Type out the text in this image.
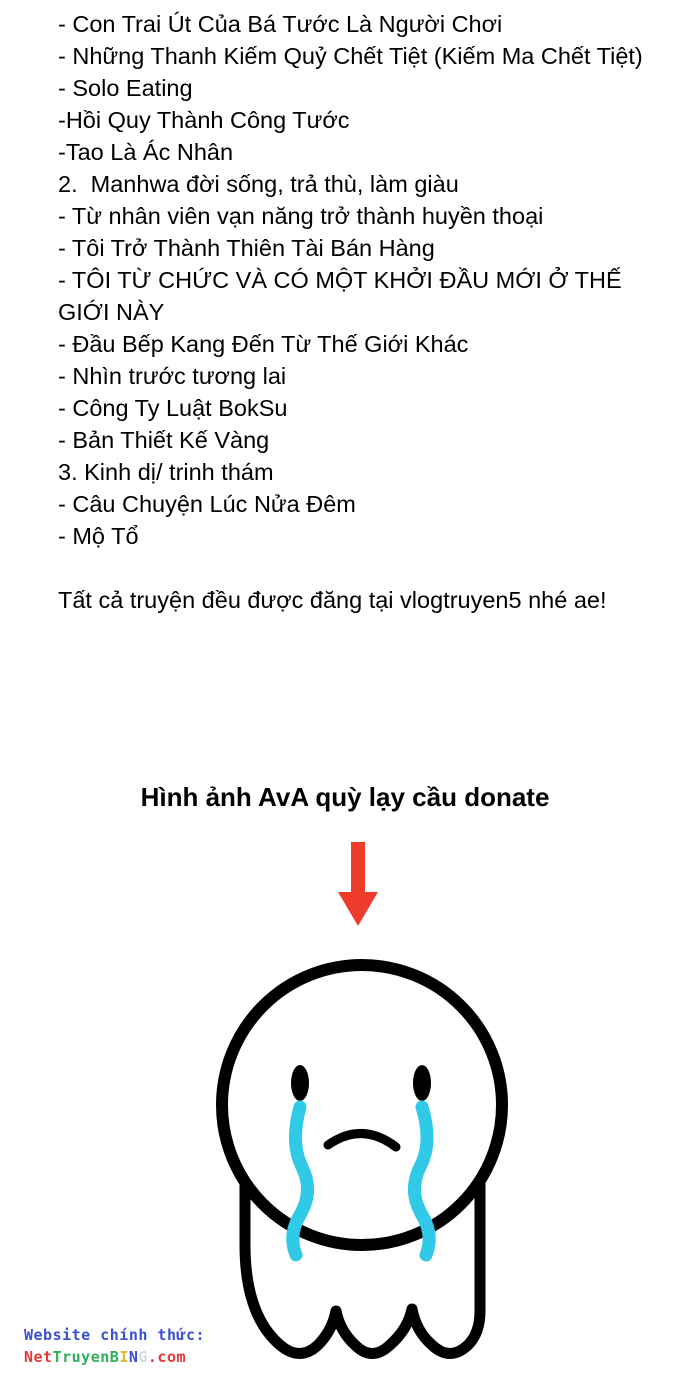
- Con Trai Út Của Bá Tước Là Người Chơi
- Những Thanh Kiếm Quỷ Chết Tiệt (Kiếm Ma Chết Tiệt)
- Solo Eating
-Hồi Quy Thành Công Tước
-Tao Là Ác Nhân
2.  Manhwa đời sống, trả thù, làm giàu
- Từ nhân viên vạn năng trở thành huyền thoại
- Tôi Trở Thành Thiên Tài Bán Hàng
- TÔI TỪ CHỨC VÀ CÓ MỘT KHỞI ĐẦU MỚI Ở THẾ GIỚI NÀY
- Đầu Bếp Kang Đến Từ Thế Giới Khác
- Nhìn trước tương lai
- Công Ty Luật BokSu
- Bản Thiết Kế Vàng
3. Kinh dị/ trinh thám
- Câu Chuyện Lúc Nửa Đêm
- Mộ Tổ
Tất cả truyện đều được đăng tại vlogtruyen5 nhé ae!
Hình ảnh AvA quỳ lạy cầu donate
Website chính thức:
NetTruyenBING.com
